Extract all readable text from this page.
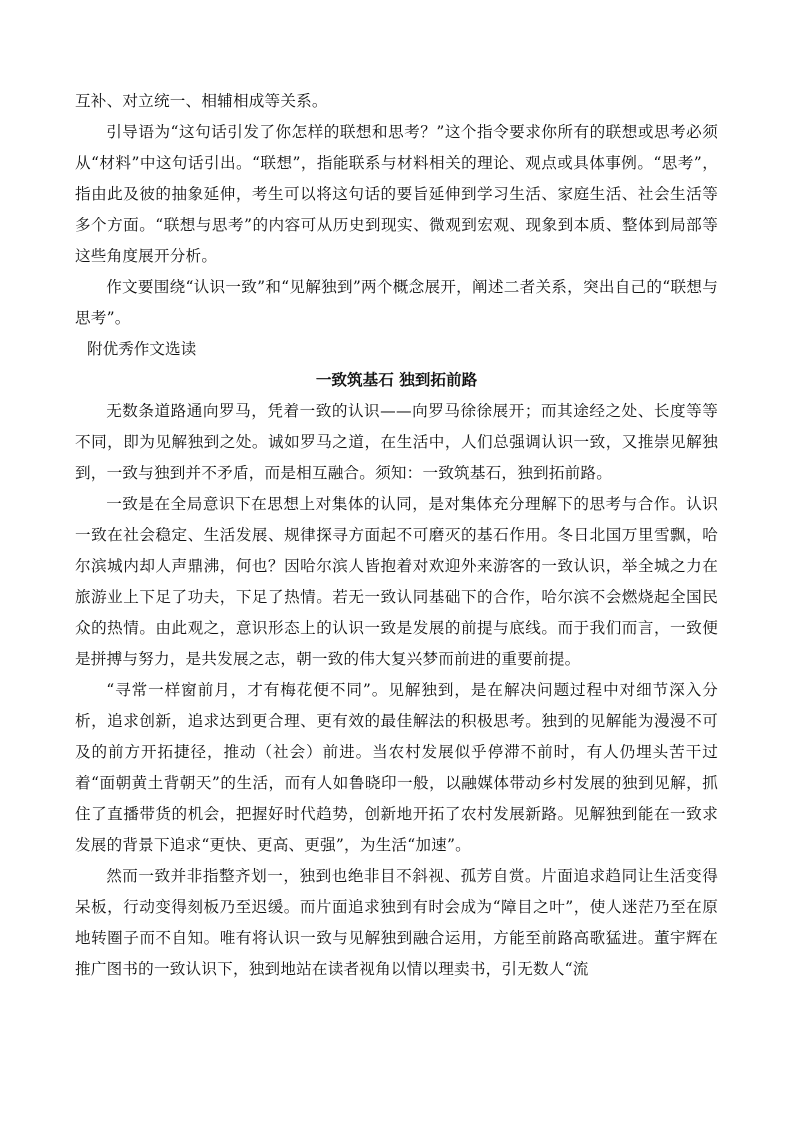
互补、对立统一、相辅相成等关系。

引导语为“这句话引发了你怎样的联想和思考？”这个指令要求你所有的联想或思考必须从“材料”中这句话引出。“联想”，指能联系与材料相关的理论、观点或具体事例。“思考”，指由此及彼的抽象延伸，考生可以将这句话的要旨延伸到学习生活、家庭生活、社会生活等多个方面。“联想与思考”的内容可从历史到现实、微观到宏观、现象到本质、整体到局部等这些角度展开分析。

作文要围绕“认识一致”和“见解独到”两个概念展开，阐述二者关系，突出自己的“联想与思考”。

附优秀作文选读

一致筑基石 独到拓前路

无数条道路通向罗马，凭着一致的认识——向罗马徐徐展开；而其途经之处、长度等等不同，即为见解独到之处。诚如罗马之道，在生活中，人们总强调认识一致，又推崇见解独到，一致与独到并不矛盾，而是相互融合。须知：一致筑基石，独到拓前路。

一致是在全局意识下在思想上对集体的认同，是对集体充分理解下的思考与合作。认识一致在社会稳定、生活发展、规律探寻方面起不可磨灭的基石作用。冬日北国万里雪飘，哈尔滨城内却人声鼎沸，何也？因哈尔滨人皆抱着对欢迎外来游客的一致认识，举全城之力在旅游业上下足了功夫，下足了热情。若无一致认同基础下的合作，哈尔滨不会燃烧起全国民众的热情。由此观之，意识形态上的认识一致是发展的前提与底线。而于我们而言，一致便是拼搏与努力，是共发展之志，朝一致的伟大复兴梦而前进的重要前提。

“寻常一样窗前月，才有梅花便不同”。见解独到，是在解决问题过程中对细节深入分析，追求创新，追求达到更合理、更有效的最佳解法的积极思考。独到的见解能为漫漫不可及的前方开拓捷径，推动（社会）前进。当农村发展似乎停滞不前时，有人仍埋头苦干过着“面朝黄土背朝天”的生活，而有人如鲁晓印一般，以融媒体带动乡村发展的独到见解，抓住了直播带货的机会，把握好时代趋势，创新地开拓了农村发展新路。见解独到能在一致求发展的背景下追求“更快、更高、更强”，为生活“加速”。

然而一致并非指整齐划一，独到也绝非目不斜视、孤芳自赏。片面追求趋同让生活变得呆板，行动变得刻板乃至迟缓。而片面追求独到有时会成为“障目之叶”，使人迷茫乃至在原地转圈子而不自知。唯有将认识一致与见解独到融合运用，方能至前路高歌猛进。董宇辉在推广图书的一致认识下，独到地站在读者视角以情以理卖书，引无数人“流
